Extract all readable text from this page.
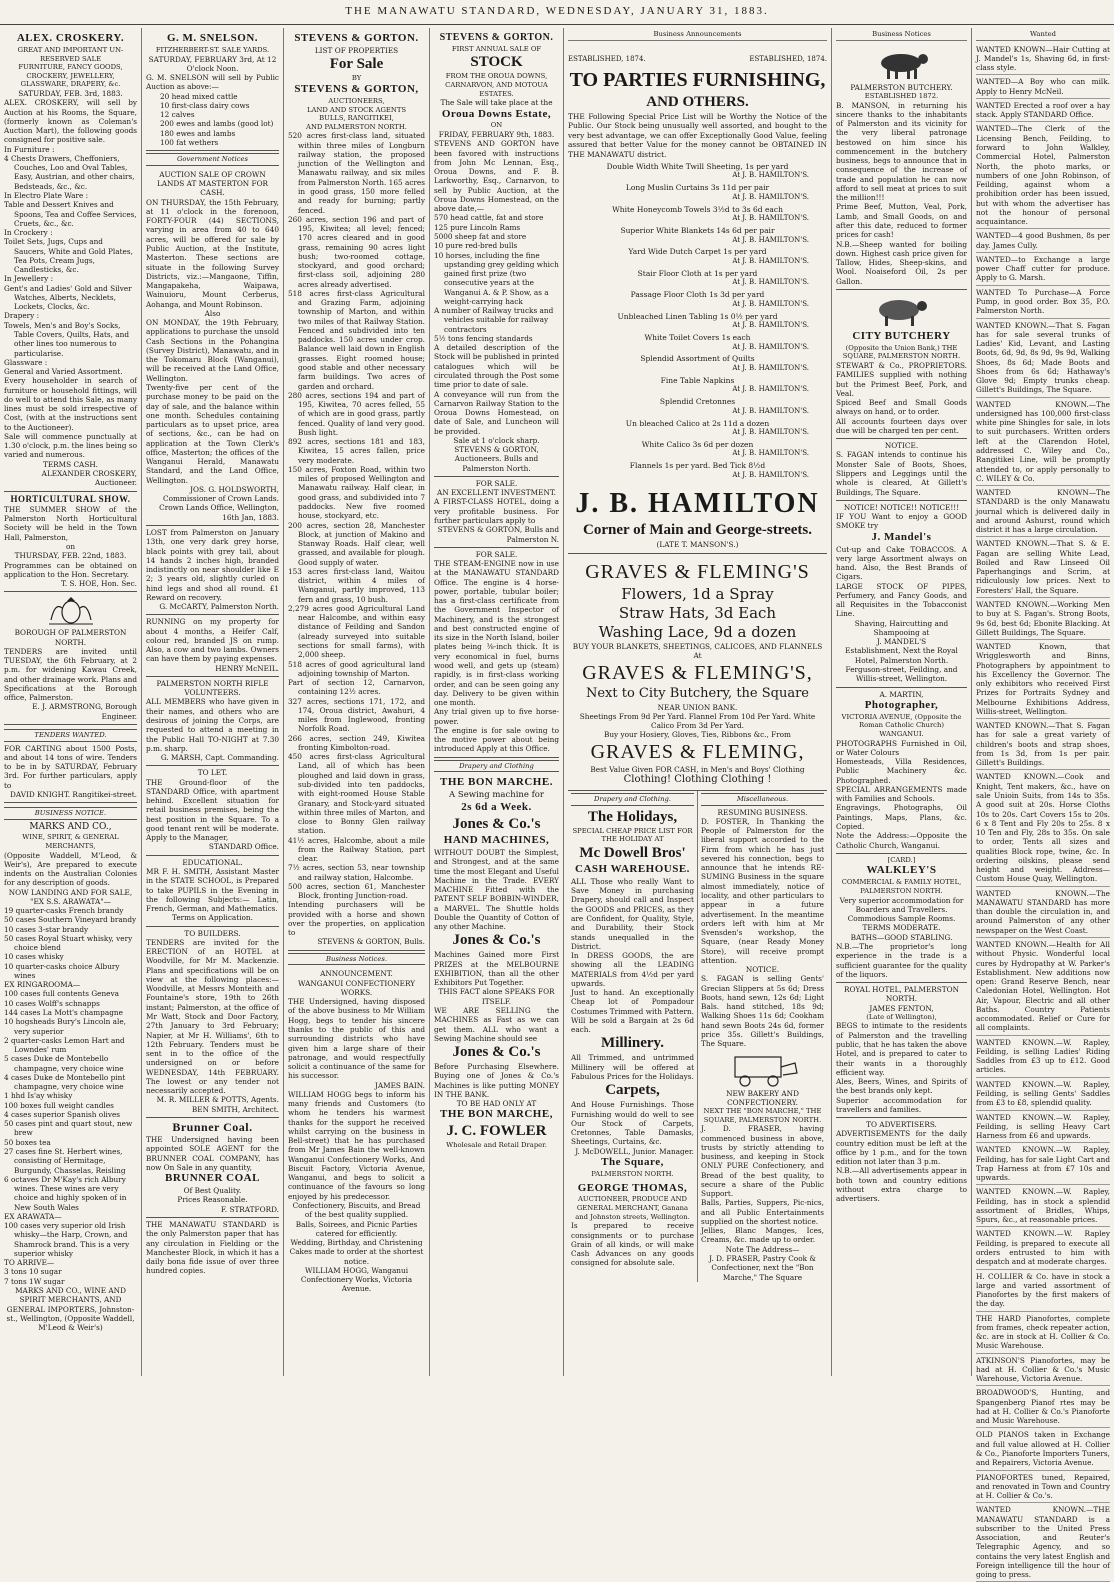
THE MANAWATU STANDARD, WEDNESDAY, JANUARY 31, 1883.
ALEX. CROSKERY.
GREAT AND IMPORTANT UN-RESERVED SALE
FURNITURE, FANCY GOODS, CROCKERY, JEWELLERY, GLASSWARE, DRAPERY, &c.
SATURDAY, FEB. 3rd, 1883.
ALEX. CROSKERY, will sell by Auction at his Rooms, the Square, (formerly known as Coleman's Auction Mart), the following goods consigned for positive sale.
In Furniture :
4 Chests Drawers, Cheffoniers, Couches, Loo and Oval Tables, Easy, Austrian, and other chairs, Bedsteads, &c., &c.
In Electro Plate Ware :
Table and Dessert Knives and Spoons, Tea and Coffee Services, Cruets, &c., &c.
In Crockery :
Toilet Sets, Jugs, Cups and Saucers, White and Gold Plates, Tea Pots, Cream Jugs, Candlesticks, &c.
In Jewellery :
Gent's and Ladies' Gold and Silver Watches, Alberts, Necklets, Lockets, Clocks, &c.
Drapery :
Towels, Men's and Boy's Socks, Table Covers, Quilts, Hats, and other lines too numerous to particularise.
Glassware :
General and Varied Assortment.
Every householder in search of furniture or household fittings, will do well to attend this Sale, as many lines must be sold irrespective of Cost, (with at the instructions sent to the Auctioneer).
Sale will commence punctually at 1.30 o'clock, p.m. the lines being so varied and numerous.
TERMS CASH.
ALEXANDER CROSKERY, Auctioneer.
HORTICULTURAL SHOW.
THE SUMMER SHOW of the Palmerston North Horticultural Society will be held in the Town Hall, Palmerston,
on
THURSDAY, FEB. 22nd, 1883.
Programmes can be obtained on application to the Hon. Secretary.
T. S. HOE, Hon. Sec.
BOROUGH OF PALMERSTON NORTH.
TENDERS are invited until TUESDAY, the 6th February, at 2 p.m. for widening Kawau Creek, and other drainage work. Plans and Specifications at the Borough office, Palmerston.
E. J. ARMSTRONG, Borough Engineer.
TENDERS WANTED.
FOR CARTING about 1500 Posts, and about 14 tons of wire. Tenders to be in by SATURDAY, February 3rd. For further particulars, apply to
DAVID KNIGHT. Rangitikei-street.
BUSINESS NOTICE.
MARKS AND CO.,
WINE, SPIRIT, & GENERAL MERCHANTS,
(Opposite Waddell, M'Leod, & Weir's), Are prepared to execute indents on the Australian Colonies for any description of goods.
NOW LANDING AND FOR SALE, "EX S.S. ARAWATA"—
19 quarter-casks French brandy
50 cases Southern Vineyard brandy
10 cases 3-star brandy
50 cases Royal Stuart whisky, very choice blend
10 cases whisky
10 quarter-casks choice Albury wines
EX RINGAROOMA—
100 cases full contents Geneva
10 cases Wolff's schnapps
144 cases La Mott's champagne
10 hogsheads Bury's Lincoln ale, very superior
2 quarter-casks Lemon Hart and Lowndes' rum
5 cases Duke de Montebello champagne, very choice wine
4 cases Duke de Montebello pint champagne, very choice wine
1 hhd Is'ay whisky
100 boxes full weight candles
4 cases superior Spanish olives
50 cases pint and quart stout, new brew
50 boxes tea
27 cases fine St. Herbert wines, consisting of Hermitage, Burgundy, Chasselas, Reisling
6 octaves Dr M'Kay's rich Albury wines. These wines are very choice and highly spoken of in New South Wales
EX ARAWATA—
100 cases very superior old Irish whisky—the Harp, Crown, and Shamrock brand. This is a very superior whisky
TO ARRIVE—
3 tons 10 sugar
7 tons 1W sugar
MARKS AND CO., WINE AND SPIRIT MERCHANTS, AND GENERAL IMPORTERS, Johnston-st., Wellington, (Opposite Waddell, M'Leod & Weir's)
G. M. SNELSON.
FITZHERBERT-ST. SALE YARDS.
SATURDAY, FEBRUARY 3rd, At 12 O'clock Noon.
G. M. SNELSON will sell by Public Auction as above:—
20 head mixed cattle
10 first-class dairy cows
12 calves
200 ewes and lambs (good lot)
180 ewes and lambs
100 fat wethers
Government Notices
AUCTION SALE OF CROWN LANDS AT MASTERTON FOR CASH.
ON THURSDAY, the 15th February, at 11 o'clock in the forenoon, FORTY-FOUR (44) SECTIONS, varying in area from 40 to 640 acres, will be offered for sale by Public Auction, at the Institute, Masterton. These sections are situate in the following Survey Districts, viz.:—Mangaone, Tiffin, Mangapakeha, Waipawa, Wainuioru, Mount Cerberus, Aohanga, and Mount Robinson.
Also
ON MONDAY, the 19th February, applications to purchase the unsold Cash Sections in the Pohangina (Survey District), Manawatu, and in the Tokomaru Block (Wanganui), will be received at the Land Office, Wellington.
Twenty-five per cent of the purchase money to be paid on the day of sale, and the balance within one month. Schedules containing particulars as to upset price, area of sections, &c., can be had on application at the Town Clerk's office, Masterton; the offices of the Wanganui Herald, Manawatu Standard, and the Land Office, Wellington.
JOS. G. HOLDSWORTH, Commissioner of Crown Lands. Crown Lands Office, Wellington, 16th Jan, 1883.
LOST from Palmerston on January 13th, one very dark grey horse, black points with grey tail, about 14 hands 2 inches high, branded indistinctly on near shoulder like E 2; 3 years old, slightly curled on hind legs and shod all round. £1 Reward on recovery.
G. McCARTY, Palmerston North.
RUNNING on my property for about 4 months, a Heifer Calf, colour red, branded JS on rump. Also, a cow and two lambs. Owners can have them by paying expenses.
HENRY McNEIL.
PALMERSTON NORTH RIFLE VOLUNTEERS.
ALL MEMBERS who have given in their names, and others who are desirous of joining the Corps, are requested to attend a meeting in the Public Hall TO-NIGHT at 7.30 p.m. sharp.
G. MARSH, Capt. Commanding.
TO LET.
THE Ground-floor of the STANDARD Office, with apartment behind. Excellent situation for retail business premises, being the best position in the Square. To a good tenant rent will be moderate. Apply to the Manager,
STANDARD Office.
EDUCATIONAL.
MR F. H. SMITH, Assistant Master in the STATE SCHOOL, is Prepared to take PUPILS in the Evening in the following Subjects:— Latin, French, German, and Mathematics.
Terms on Application.
TO BUILDERS.
TENDERS are invited for the ERECTION of an HOTEL at Woodville, for Mr M. Mackenzie. Plans and specifications will be on view at the following places:— Woodville, at Messrs Monteith and Fountaine's store, 19th to 26th instant; Palmerston, at the office of Mr Watt, Stock and Door Factory, 27th January to 3rd February; Napier, at Mr H. Williams', 6th to 12th February. Tenders must be sent in to the office of the undersigned on or before WEDNESDAY, 14th FEBRUARY. The lowest or any tender not necessarily accepted.
M. R. MILLER & POTTS, Agents. BEN SMITH, Architect.
Brunner Coal.
THE Undersigned having been appointed SOLE AGENT for the BRUNNER COAL COMPANY, has now On Sale in any quantity,
BRUNNER COAL
Of Best Quality.
Prices Reasonable.
F. STRATFORD.
THE MANAWATU STANDARD is the only Palmerston paper that has any circulation in Fielding or the Manchester Block, in which it has a daily bona fide issue of over three hundred copies.
STEVENS & GORTON.
LIST OF PROPERTIES
For Sale
BY
STEVENS & GORTON,
AUCTIONEERS,
LAND AND STOCK AGENTS
BULLS, RANGITIKEI,
AND PALMERSTON NORTH.
520 acres first-class land, situated within three miles of Longburn railway station, the proposed junction of the Wellington and Manawatu railway, and six miles from Palmerston North. 165 acres in good grass, 150 more felled and ready for burning; partly fenced.
260 acres, section 196 and part of 195, Kiwitea; all level; fenced; 170 acres cleared and in good grass, remaining 90 acres light bush; two-roomed cottage, stockyard, and good orchard; first-class soil, adjoining 280 acres already advertised.
518 acres first-class Agricultural and Grazing Farm, adjoining township of Marton, and within two miles of that Railway Station. Fenced and subdivided into ten paddocks. 150 acres under crop. Balance well laid down in English grasses. Eight roomed house; good stable and other necessary farm buildings. Two acres of garden and orchard.
280 acres, sections 194 and part of 195, Kiwitea, 70 acres felled, 55 of which are in good grass, partly fenced. Quality of land very good. Bush light.
892 acres, sections 181 and 183, Kiwitea, 15 acres fallen, price very moderate.
150 acres, Foxton Road, within two miles of proposed Wellington and Manawatu railway. Half clear, in good grass, and subdivided into 7 paddocks. New five roomed house, stockyard, etc.
200 acres, section 28, Manchester Block, at junction of Makino and Stanway Roads. Half clear, well grassed, and available for plough. Good supply of water.
153 acres first-class land, Waitou district, within 4 miles of Wanganui, partly improved, 113 fern and grass, 10 bush.
2,279 acres good Agricultural Land near Halcombe, and within easy distance of Feilding and Sandon (already surveyed into suitable sections for small farms), with 2,000 sheep.
518 acres of good agricultural land adjoining township of Marton.
Part of section 12, Carnarvon, containing 12½ acres.
327 acres, sections 171, 172, and 174, Oroua district, Awahuri, 4 miles from Inglewood, fronting Norfolk Road.
266 acres, section 249, Kiwitea fronting Kimbolton-road.
450 acres first-class Agricultural Land, all of which has been ploughed and laid down in grass, sub-divided into ten paddocks, with eight-roomed House Stable Granary, and Stock-yard situated within three miles of Marton, and close to Bonny Glen railway station.
41½ acres, Halcombe, about a mile from the Railway Station, part clear.
7½ acres, section 53, near township and railway station, Halcombe.
500 acres, section 61, Manchester Block, fronting Junction-road.
Intending purchasers will be provided with a horse and shown over the properties, on application to
STEVENS & GORTON, Bulls.
Business Notices.
ANNOUNCEMENT.
WANGANUI CONFECTIONERY WORKS.
THE Undersigned, having disposed of the above business to Mr William Hogg, begs to tender his sincere thanks to the public of this and surrounding districts who have given him a large share of their patronage, and would respectfully solicit a continuance of the same for his successor.
JAMES BAIN.
WILLIAM HOGG begs to inform his many friends and Customers (to whom he tenders his warmest thanks for the support he received whilst carrying on the business in Bell-street) that he has purchased from Mr James Bain the well-known Wanganui Confectionery Works, And Biscuit Factory, Victoria Avenue, Wanganui, and begs to solicit a continuance of the favours so long enjoyed by his predecessor.
Confectionery, Biscuits, and Bread of the best quality supplied.
Balls, Soirees, and Picnic Parties catered for efficiently.
Wedding, Birthday, and Christening Cakes made to order at the shortest notice.
WILLIAM HOGG, Wanganui Confectionery Works, Victoria Avenue.
STEVENS & GORTON.
FIRST ANNUAL SALE OF
STOCK
FROM THE OROUA DOWNS, CARNARVON, AND MOTOUA ESTATES.
The Sale will take place at the
Oroua Downs Estate,
ON
FRIDAY, FEBRUARY 9th, 1883.
STEVENS AND GORTON have been favored with instructions from John Mc Lennan, Esq., Oroua Downs, and F. B. Larkworthy, Esq., Carnarvon, to sell by Public Auction, at the Oroua Downs Homestead, on the above date,—
570 head cattle, fat and store
125 pure Lincoln Rams
5000 sheep fat and store
10 pure red-bred bulls
10 horses, including the fine upstanding grey gelding which gained first prize (two consecutive years at the Wanganui A. & P. Show, as a weight-carrying hack
A number of Railway trucks and vehicles suitable for railway contractors
5½ tons fencing standards
A detailed description of the Stock will be published in printed catalogues which will be circulated through the Post some time prior to date of sale.
A conveyance will run from the Carnarvon Railway Station to the Oroua Downs Homestead, on date of Sale, and Luncheon will be provided.
Sale at 1 o'clock sharp.
STEVENS & GORTON, Auctioneers. Bulls and Palmerston North.
FOR SALE.
AN EXCELLENT INVESTMENT.
A FIRST-CLASS HOTEL, doing a very profitable business. For further particulars apply to
STEVENS & GORTON, Bulls and Palmerston N.
FOR SALE.
THE STEAM-ENGINE now in use at the MANAWATU STANDARD Office. The engine is 4 horse-power, portable, tubular boiler; has a first-class certificate from the Government Inspector of Machinery, and is the strongest and best constructed engine of its size in the North Island, boiler plates being ⅜-inch thick. It is very economical in fuel, burns wood well, and gets up (steam) rapidly, is in first-class working order, and can be seen going any day. Delivery to be given within one month.
Any trial given up to five horse-power.
The engine is for sale owing to the motive power about being introduced Apply at this Office.
Drapery and Clothing
THE BON MARCHE.
A Sewing machine for
2s 6d a Week.
Jones & Co.'s
HAND MACHINES,
WITHOUT DOUBT the Simplest, and Strongest, and at the same time the most Elegant and Useful Machine in the Trade. EVERY MACHINE Fitted with the PATENT SELF BOBBIN-WINDER, a MARVEL. The Shuttle holds Double the Quantity of Cotton of any other Machine.
Jones & Co.'s
Machines Gained more First PRIZES at the MELBOURNE EXHIBITION, than all the other Exhibitors Put Together.
THIS FACT alone SPEAKS FOR ITSELF.
WE ARE SELLING the MACHINES as Fast as we can get them. ALL who want a Sewing Machine should see
Jones & Co.'s
Before Purchasing Elsewhere. Buying one of Jones & Co.'s Machines is like putting MONEY IN THE BANK.
TO BE HAD ONLY AT
THE BON MARCHE,
J. C. FOWLER
Wholesale and Retail Draper.
Business Announcements
ESTABLISHED, 1874.	ESTABLISHED, 1874.
TO PARTIES FURNISHING,
AND OTHERS.
THE Following Special Price List will be Worthy the Notice of the Public. Our Stock being unusually well assorted, and bought to the very best advantage, we can offer Exceptionally Good Value, feeling assured that better Value for the money cannot be OBTAINED IN THE MANAWATU district.
Double Width White Twill Sheeting, 1s per yard
At J. B. HAMILTON'S.
Long Muslin Curtains 3s 11d per pair
At J. B. HAMILTON'S.
White Honeycomb Towels 3½d to 3s 6d each
At J. B. HAMILTON'S.
Superior White Blankets 14s 6d per pair
At J. B. HAMILTON'S.
Yard Wide Dutch Carpet 1s per yard
At J. B. HAMILTON'S.
Stair Floor Cloth at 1s per yard
At J. B. HAMILTON'S.
Passage Floor Cloth 1s 3d per yard
At J. B. HAMILTON'S.
Unbleached Linen Tabling 1s 0½ per yard
At J. B. HAMILTON'S.
White Toilet Covers 1s each
At J. B. HAMILTON'S.
Splendid Assortment of Quilts
At J. B. HAMILTON'S.
Fine Table Napkins
At J. B. HAMILTON'S.
Splendid Cretonnes
At J. B. HAMILTON'S.
Un bleached Calico at 2s 11d a dozen
At J. B. HAMILTON'S.
White Calico 3s 6d per dozen
At J. B. HAMILTON'S.
Flannels 1s per yard. Bed Tick 8½d
At J. B. HAMILTON'S.
J. B. HAMILTON
Corner of Main and George-streets.
(LATE T. MANSON'S.)
GRAVES & FLEMING'S
Flowers, 1d a Spray
Straw Hats, 3d Each
Washing Lace, 9d a dozen
BUY YOUR BLANKETS, SHEETINGS, CALICOES, AND FLANNELS
At
GRAVES & FLEMING'S,
Next to City Butchery, the Square
NEAR UNION BANK.
Sheetings From 9d Per Yard. Flannel From 10d Per Yard. White Calico From 3d Per Yard.
Buy your Hosiery, Gloves, Ties, Ribbons &c., From
GRAVES & FLEMING,
Best Value Given FOR CASH, in Men's and Boys' Clothing
Clothing! Clothing Clothing !
Drapery and Clothing.
The Holidays,
SPECIAL CHEAP PRICE LIST FOR THE HOLIDAY AT
Mc Dowell Bros'
CASH WAREHOUSE.
ALL Those who really Want to Save Money in purchasing Drapery, should call and Inspect the GOODS and PRICES, as they are Confident, for Quality, Style, and Durability, their Stock stands unequalled in the District.
In DRESS GOODS, the are showing all the LEADING MATERIALS from 4½d per yard upwards.
Just to hand. An exceptionally Cheap lot of Pompadour Costumes Trimmed with Pattern. Will be sold a Bargain at 2s 6d each.
Millinery.
All Trimmed, and untrimmed Millinery will be offered at Fabulous Prices for the Holidays.
Carpets,
And House Furnishings. Those Furnishing would do well to see Our Stock of Carpets, Cretonnes, Table Damasks, Sheetings, Curtains, &c.
J. McDOWELL, Junior. Manager.
The Square,
PALMERSTON NORTH.
GEORGE THOMAS,
AUCTIONEER, PRODUCE AND GENERAL MERCHANT, Ganana and Johnston streets, Wellington.
Is prepared to receive consignments or to purchase Grain of all kinds, or will make Cash Advances on any goods consigned for absolute sale.
Miscellaneous.
RESUMING BUSINESS.
D. FOSTER, In Thanking the People of Palmerston for the liberal support accorded to the Firm from which he has just severed his connection, begs to announce that he intends RE-SUMING Business in the square almost immediately, notice of locality, and other particulars to appear in a future advertisement. In the meantime orders left with him at Mr Svensden's workshop, the Square, (near Ready Money Store), will receive prompt attention.
NOTICE.
S. FAGAN is selling Gents' Grecian Slippers at 5s 6d; Dress Boots, hand sewn, 12s 6d; Light Bals. hand stitched, 18s 9d; Walking Shoes 11s 6d; Cookham hand sewn Boots 24s 6d, former price 35s. Gillett's Buildings, The Square.
NEW BAKERY AND CONFECTIONERY.
NEXT THE "BON MARCHE," THE SQUARE, PALMERSTON NORTH.
J. D. FRASER, having commenced business in above, trusts by strictly attending to business, and keeping in Stock ONLY PURE Confectionery, and Bread of the best quality, to secure a share of the Public Support.
Balls, Parties, Suppers, Pic-nics, and all Public Entertainments supplied on the shortest notice.
Jellies, Blanc Manges, Ices, Creams, &c. made up to order.
Note The Address—
J. D. FRASER, Pastry Cook & Confectioner, next the "Bon Marche," The Square
Business Notices
PALMERSTON BUTCHERY.
ESTABLISHED 1872.
B. MANSON, in returning his sincere thanks to the inhabitants of Palmerston and its vicinity for the very liberal patronage bestowed on him since his commencement in the butchery business, begs to announce that in consequence of the increase of trade and population he can now afford to sell meat at prices to suit the million!!!
Prime Beef, Mutton, Veal, Pork, Lamb, and Small Goods, on and after this date, reduced to former prices for cash!
N.B.—Sheep wanted for boiling down. Highest cash price given for Tallow, Hides, Sheep-skins, and Wool. Noaiseford Oil, 2s per Gallon.
CITY BUTCHERY
(Opposite the Union Bank,) THE SQUARE, PALMERSTON NORTH.
STEWART & Co., PROPRIETORS. FAMILIES supplied with nothing but the Primest Beef, Pork, and Veal.
Spiced Beef and Small Goods always on hand, or to order.
All accounts fourteen days over due will be charged ten per cent.
NOTICE.
S. FAGAN intends to continue his Monster Sale of Boots, Shoes, Slippers and Leggings until the whole is cleared, At Gillett's Buildings, The Square.
NOTICE! NOTICE!! NOTICE!!!
IF YOU Want to enjoy a GOOD SMOKE try
J. Mandel's
Cut-up and Cake TOBACCOS. A very large Assortment always on hand. Also, the Best Brands of Cigars.
LARGE STOCK OF PIPES, Perfumery, and Fancy Goods, and all Requisites in the Tobacconist Line.
Shaving, Haircutting and Shampooing at
J. MANDEL'S
Establishment, Next the Royal Hotel, Palmerston North. Ferguson-street, Feilding, and Willis-street, Wellington.
A. MARTIN,
Photographer,
VICTORIA AVENUE, (Opposite the Roman Catholic Church) WANGANUI.
PHOTOGRAPHS Furnished in Oil, or Water Colours
Homesteads, Villa Residences, Public Machinery &c. Photographed.
SPECIAL ARRANGEMENTS made with Families and Schools.
Engravings, Photographs, Oil Paintings, Maps, Plans, &c. Copied.
Note the Address:—Opposite the Catholic Church, Wanganui.
[CARD.]
WALKLEY'S
COMMERCIAL & FAMILY HOTEL, PALMERSTON NORTH.
Very superior accommodation for Boarders and Travellers.
Commodious Sample Rooms.
TERMS MODERATE.
BATHS—GOOD STABLING.
N.B.—The proprietor's long experience in the trade is a sufficient guarantee for the quality of the liquors.
ROYAL HOTEL, PALMERSTON NORTH.
JAMES FENTON,
(Late of Wellington),
BEGS to intimate to the residents of Palmerston and the travelling public, that he has taken the above Hotel, and is prepared to cater to their wants in a thoroughly efficient way.
Ales, Beers, Wines, and Spirits of the best brands only kept.
Superior accommodation for travellers and families.
TO ADVERTISERS.
ADVERTISEMENTS for the daily country edition must be left at the office by 1 p.m., and for the town edition not later than 3 p.m.
N.B.—All advertisements appear in both town and country editions without extra charge to advertisers.
Wanted
WANTED KNOWN—Hair Cutting at J. Mandel's 1s, Shaving 6d, in first-class style.
WANTED—A Boy who can milk. Apply to Henry McNeil.
WANTED Erected a roof over a hay stack. Apply STANDARD Office.
WANTED—The Clerk of the Licensing Bench, Feilding, to forward to John Walkley, Commercial Hotel, Palmerston North, the photo marks, or numbers of one John Robinson, of Feilding, against whom a prohibition order has been issued, but with whom the advertiser has not the honour of personal acquaintance.
WANTED—4 good Bushmen, 8s per day. James Cully.
WANTED—to Exchange a large power Chaff cutter for produce. Apply to G. Marsh.
WANTED To Purchase—A Force Pump, in good order. Box 35, P.O. Palmerston North.
WANTED KNOWN.—That S. Fagan has for sale several trunks of Ladies' Kid, Levant, and Lasting Boots, 6d, 9d, 8s 9d, 9s 9d, Walking Shoes, 8s 6d; Made Boots and Shoes from 6s 6d; Hathaway's Glove 9d; Empty trunks cheap. Gillett's Buildings, The Square.
WANTED KNOWN.—The undersigned has 100,000 first-class white pine Shingles for sale, in lots to suit purchasers. Written orders left at the Clarendon Hotel, addressed C. Wiley and Co., Rangitikei Line, will be promptly attended to, or apply personally to C. WILEY & Co.
WANTED KNOWN—The STANDARD is the only Manawatu journal which is delivered daily in and around Ashurst, round which district it has a large circulation.
WANTED KNOWN.—That S. & E. Fagan are selling White Lead, Boiled and Raw Linseed Oil Paperhangings and Scrim, at ridiculously low prices. Next to Foresters' Hall, the Square.
WANTED KNOWN.—Working Men to buy at S. Fagan's. Strong Boots, 9s 6d, best 6d; Ebonite Blacking. At Gillett Buildings, The Square.
WANTED Known, that Wrigglesworth and Binns, Photographers by appointment to his Excellency the Governor. The only exhibitors who received First Prizes for Portraits Sydney and Melbourne Exhibitions Address, Willis-street, Wellington.
WANTED KNOWN.—That S. Fagan has for sale a great variety of children's boots and strap shoes, from 1s 3d, from 1s per pair. Gillett's Buildings.
WANTED KNOWN.—Cook and Knight, Tent makers, &c., have on sale Unioin Suits, from 14s to 35s. A good suit at 20s. Horse Cloths 10s to 20s. Cart Covers 15s to 20s. 6 x 8 Tent and Fly 20s to 25s. 8 x 10 Ten and Fly, 28s to 35s. On sale to order, Tents all sizes and qualities Block rope, twine, &c. In ordering oilskins, please send height and weight. Address—Custom House Quay, Wellington.
WANTED KNOWN.—The MANAWATU STANDARD has more than double the circulation in, and around Palmerston of any other newspaper on the West Coast.
WANTED KNOWN.—Health for All without Physic. Wonderful local cures by Hydropathy at W. Parker's Establishment. New additions now open: Grand Reserve Bench, near Caledonian Hotel, Wellington. Hot Air, Vapour, Electric and all other Baths. Country Patients accommodated. Relief or Cure for all complaints.
WANTED KNOWN.—W. Rapley, Feilding, is selling Ladies' Riding Saddles from £3 up to £12. Good articles.
WANTED KNOWN.—W. Rapley, Feilding, is selling Gents' Saddles from £3 to £8, splendid quality.
WANTED KNOWN.—W. Rapley, Feilding, is selling Heavy Cart Harness from £6 and upwards.
WANTED KNOWN.—W. Rapley, Feilding, has for sale Light Cart and Trap Harness at from £7 10s and upwards.
WANTED KNOWN.—W. Rapley, Feilding, has in stock a splendid assortment of Bridles, Whips, Spurs, &c., at reasonable prices.
WANTED KNOWN.—W. Rapley Feilding, is prepared to execute all orders entrusted to him with despatch and at moderate charges.
H. COLLIER & Co. have in stock a large and varied assortment of Pianofortes by the first makers of the day.
THE HARD Pianofortes, complete from frames, check repeater action, &c. are in stock at H. Collier & Co. Music Warehouse.
ATKINSON'S Pianofortes, may be had at H. Collier & Co.'s Music Warehouse, Victoria Avenue.
BROADWOOD'S, Hunting, and Spangenberg Pianof rtes may be had at H. Collier & Co.'s Pianoforte and Music Warehouse.
OLD PIANOS taken in Exchange and full value allowed at H. Collier & Co., Pianoforte Importers Tuners, and Repairers, Victoria Avenue.
PIANOFORTES tuned, Repaired, and renovated in Town and Country at H. Collier & Co.'s.
WANTED KNOWN.—THE MANAWATU STANDARD is a subscriber to the United Press Association, and Reuter's Telegraphic Agency, and so contains the very latest English and Foreign intelligence till the hour of going to press.
